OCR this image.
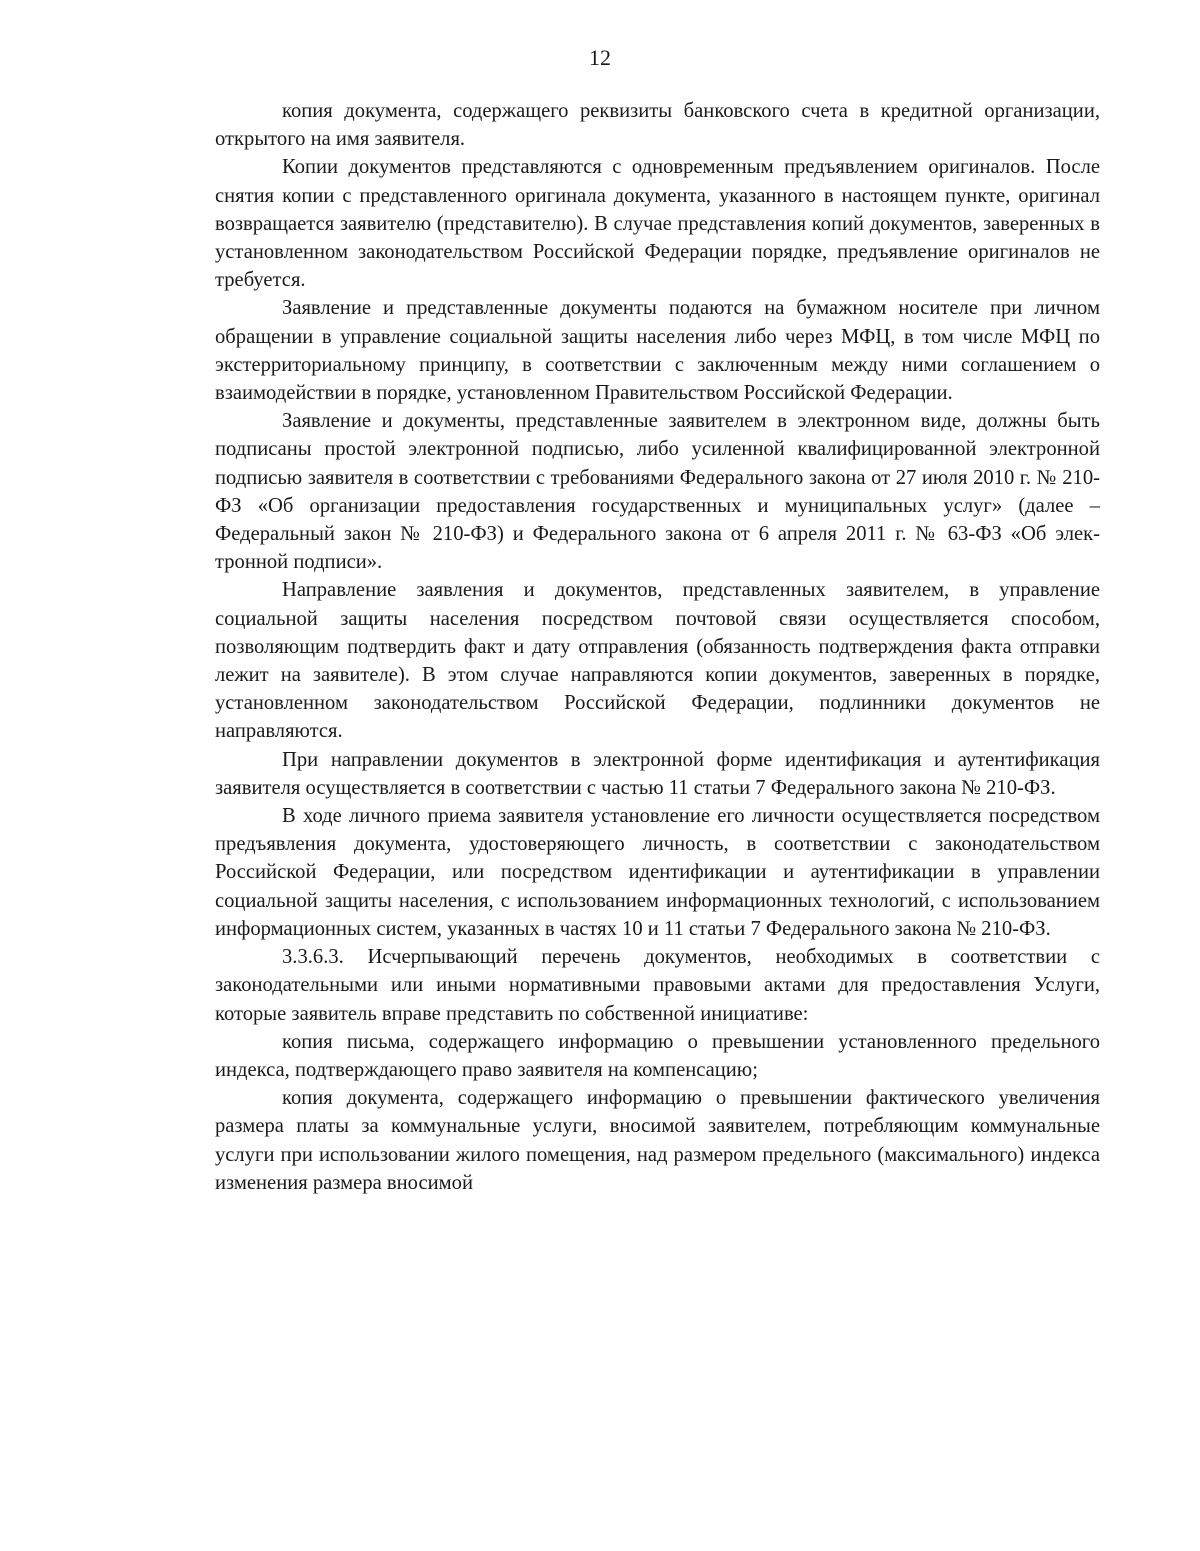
12

копия документа, содержащего реквизиты банковского счета в кредитной организации, открытого на имя заявителя.

Копии документов представляются с одновременным предъявлением оригиналов. После снятия копии с представленного оригинала документа, указанного в настоящем пункте, оригинал возвращается заявителю (представителю). В случае представления копий документов, заверенных в установленном законодательством Российской Федерации порядке, предъявление оригиналов не требуется.

Заявление и представленные документы подаются на бумажном носителе при личном обращении в управление социальной защиты населения либо через МФЦ, в том числе МФЦ по экстерриториальному принципу, в соответствии с заключенным между ними соглашением о взаимодействии в порядке, установленном Правительством Российской Федерации.

Заявление и документы, представленные заявителем в электронном виде, должны быть подписаны простой электронной подписью, либо усиленной квалифицированной электронной подписью заявителя в соответствии с требованиями Федерального закона от 27 июля 2010 г. № 210-ФЗ «Об организации предоставления государственных и муниципальных услуг» (далее – Федеральный закон № 210-ФЗ) и Федерального закона от 6 апреля 2011 г. № 63-ФЗ «Об электронной подписи».

Направление заявления и документов, представленных заявителем, в управление социальной защиты населения посредством почтовой связи осуществляется способом, позволяющим подтвердить факт и дату отправления (обязанность подтверждения факта отправки лежит на заявителе). В этом случае направляются копии документов, заверенных в порядке, установленном законодательством Российской Федерации, подлинники документов не направляются.

При направлении документов в электронной форме идентификация и аутентификация заявителя осуществляется в соответствии с частью 11 статьи 7 Федерального закона № 210-ФЗ.

В ходе личного приема заявителя установление его личности осуществляется посредством предъявления документа, удостоверяющего личность, в соответствии с законодательством Российской Федерации, или посредством идентификации и аутентификации в управлении социальной защиты населения, с использованием информационных технологий, с использованием информационных систем, указанных в частях 10 и 11 статьи 7 Федерального закона № 210-ФЗ.

3.3.6.3. Исчерпывающий перечень документов, необходимых в соответствии с законодательными или иными нормативными правовыми актами для предоставления Услуги, которые заявитель вправе представить по собственной инициативе:

копия письма, содержащего информацию о превышении установленного предельного индекса, подтверждающего право заявителя на компенсацию;

копия документа, содержащего информацию о превышении фактического увеличения размера платы за коммунальные услуги, вносимой заявителем, потребляющим коммунальные услуги при использовании жилого помещения, над размером предельного (максимального) индекса изменения размера вносимой
